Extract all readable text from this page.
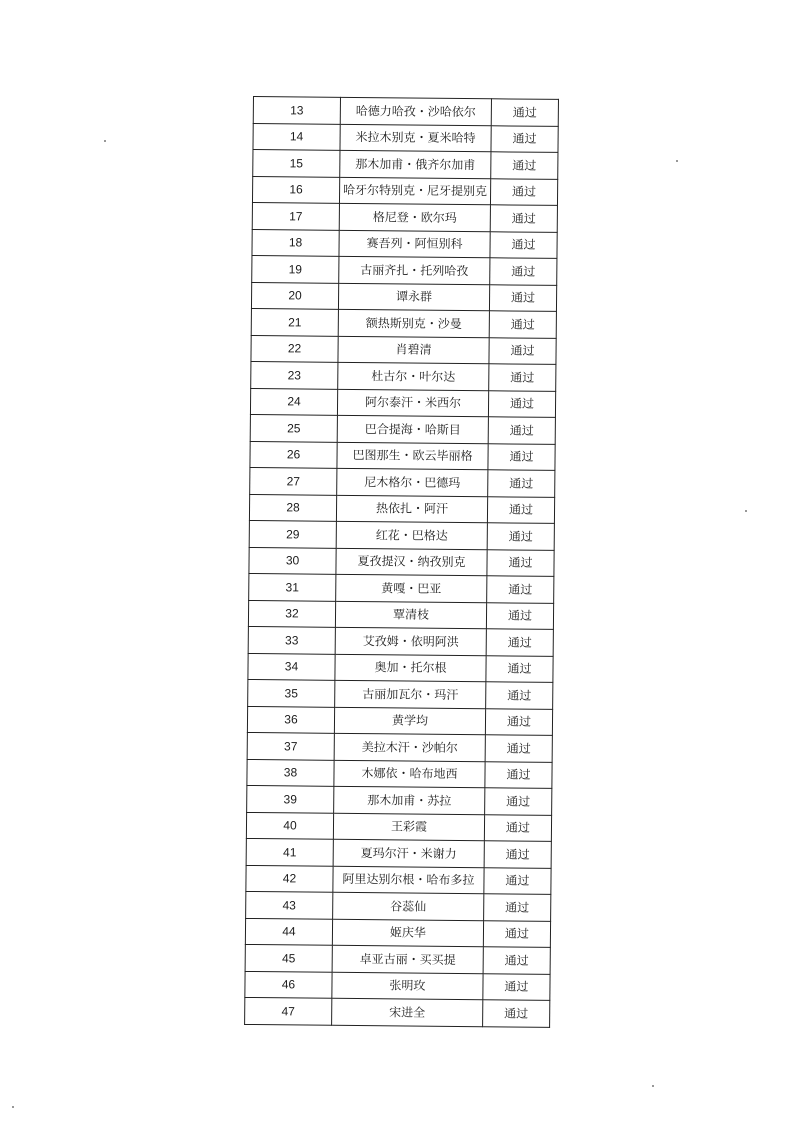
13	哈德力哈孜・沙哈依尔	通过
14	米拉木别克・夏米哈特	通过
15	那木加甫・俄齐尔加甫	通过
16	哈牙尔特别克・尼牙提别克	通过
17	格尼登・欧尔玛	通过
18	赛吾列・阿恒别科	通过
19	古丽齐扎・托列哈孜	通过
20	谭永群	通过
21	额热斯别克・沙曼	通过
22	肖碧清	通过
23	杜古尔・叶尔达	通过
24	阿尔泰汗・米西尔	通过
25	巴合提海・哈斯目	通过
26	巴图那生・欧云毕丽格	通过
27	尼木格尔・巴德玛	通过
28	热依扎・阿汗	通过
29	红花・巴格达	通过
30	夏孜提汉・纳孜别克	通过
31	黄嘎・巴亚	通过
32	覃清枝	通过
33	艾孜姆・依明阿洪	通过
34	奥加・托尔根	通过
35	古丽加瓦尔・玛汗	通过
36	黄学均	通过
37	美拉木汗・沙帕尔	通过
38	木娜依・哈布地西	通过
39	那木加甫・苏拉	通过
40	王彩霞	通过
41	夏玛尔汗・米谢力	通过
42	阿里达别尔根・哈布多拉	通过
43	谷蕊仙	通过
44	姬庆华	通过
45	卓亚古丽・买买提	通过
46	张明玫	通过
47	宋进全	通过
